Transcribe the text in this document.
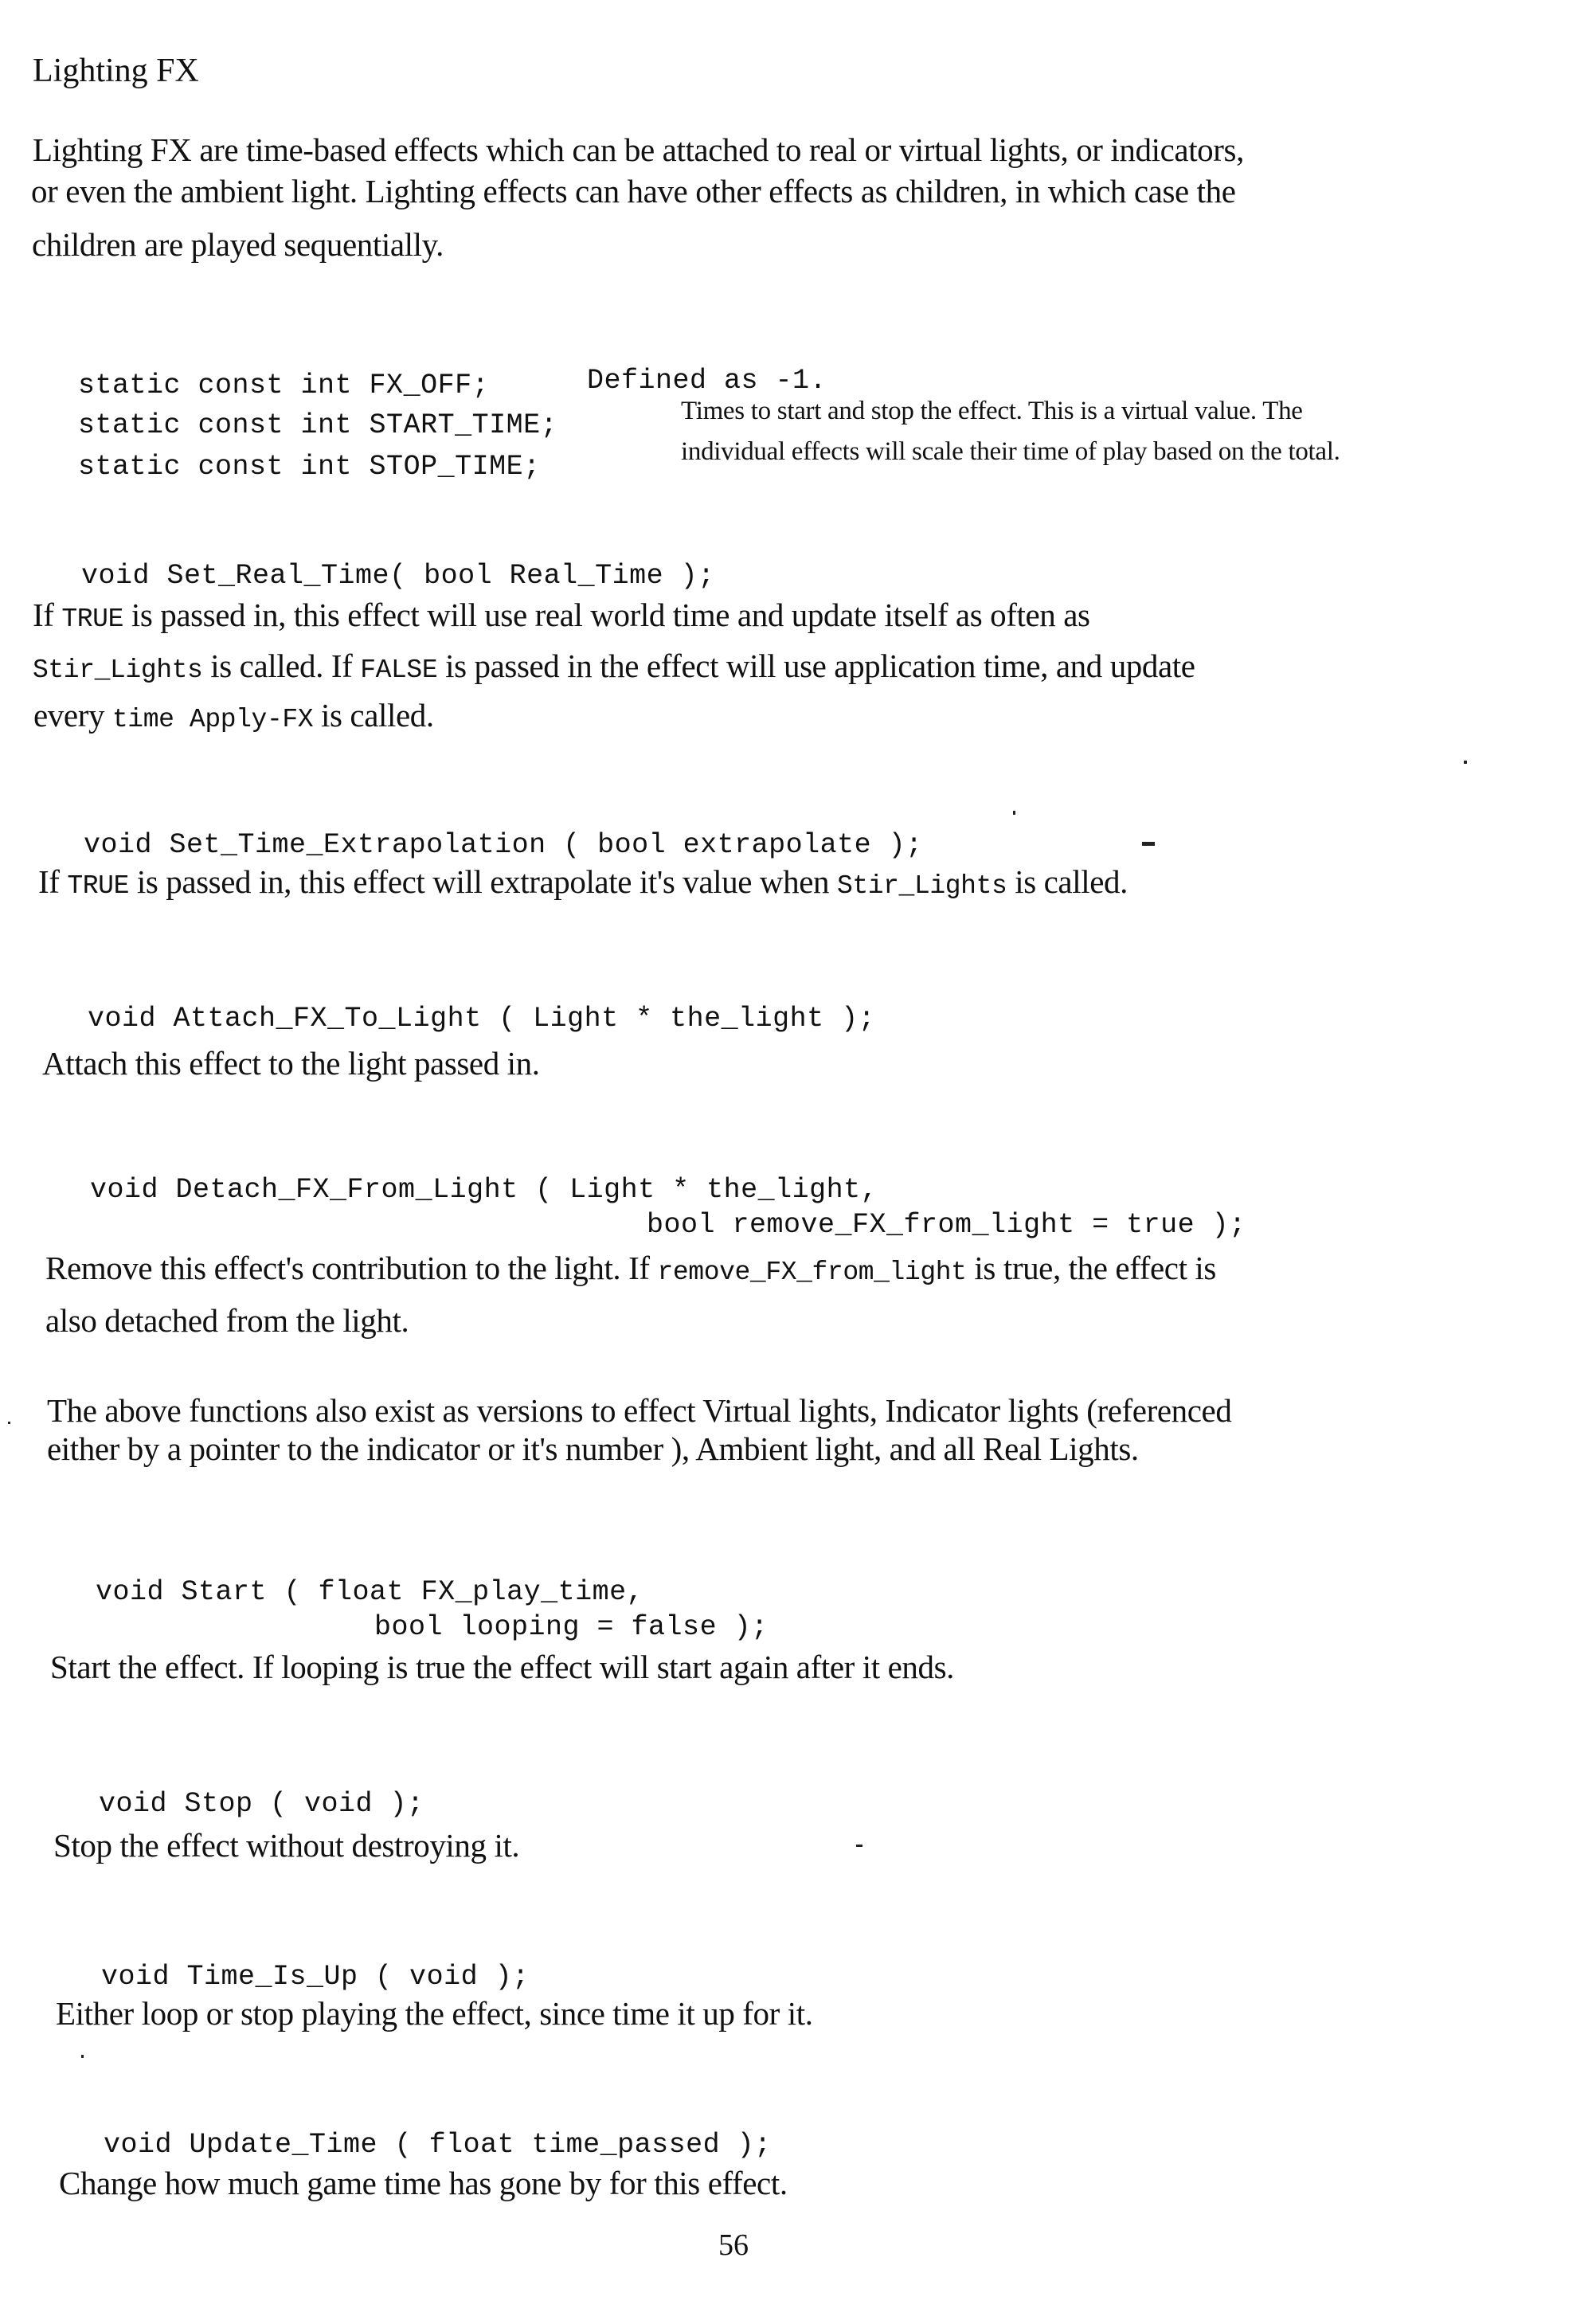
Lighting FX
Lighting FX are time-based effects which can be attached to real or virtual lights, or indicators,
or even the ambient light. Lighting effects can have other effects as children, in which case the
children are played sequentially.
static const int FX_OFF;	Defined as -1.
static const int START_TIME;	Times to start and stop the effect. This is a virtual value. The
static const int STOP_TIME;	individual effects will scale their time of play based on the total.
void Set_Real_Time( bool Real_Time );
If TRUE is passed in, this effect will use real world time and update itself as often as
Stir_Lights is called. If FALSE is passed in the effect will use application time, and update
every time Apply-FX is called.
void Set_Time_Extrapolation ( bool extrapolate );
If TRUE is passed in, this effect will extrapolate it's value when Stir_Lights is called.
void Attach_FX_To_Light ( Light * the_light );
Attach this effect to the light passed in.
void Detach_FX_From_Light ( Light * the_light,
bool remove_FX_from_light = true );
Remove this effect's contribution to the light. If remove_FX_from_light is true, the effect is
also detached from the light.
The above functions also exist as versions to effect Virtual lights, Indicator lights (referenced
either by a pointer to the indicator or it's number ), Ambient light, and all Real Lights.
void Start ( float FX_play_time,
bool looping = false );
Start the effect. If looping is true the effect will start again after it ends.
void Stop ( void );
Stop the effect without destroying it.
void Time_Is_Up ( void );
Either loop or stop playing the effect, since time it up for it.
void Update_Time ( float time_passed );
Change how much game time has gone by for this effect.
56
